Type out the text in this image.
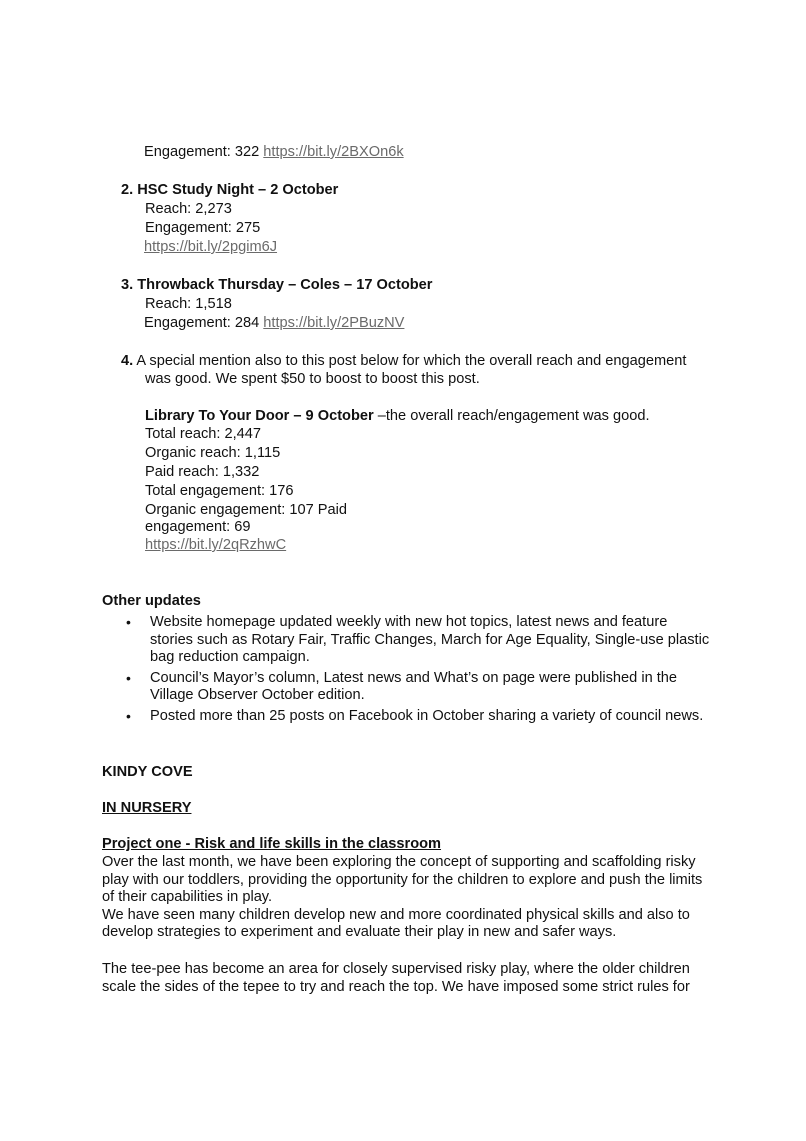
Engagement: 322 https://bit.ly/2BXOn6k
2. HSC Study Night – 2 October
Reach: 2,273
Engagement: 275
https://bit.ly/2pgim6J
3. Throwback Thursday – Coles – 17 October
Reach: 1,518
Engagement: 284 https://bit.ly/2PBuzNV
4. A special mention also to this post below for which the overall reach and engagement
was good. We spent $50 to boost to boost this post.
Library To Your Door – 9 October –the overall reach/engagement was good.
Total reach: 2,447
Organic reach: 1,115
Paid reach: 1,332
Total engagement: 176
Organic engagement: 107 Paid
engagement: 69
https://bit.ly/2qRzhwC
Other updates
• Website homepage updated weekly with new hot topics, latest news and feature
stories such as Rotary Fair, Traffic Changes, March for Age Equality, Single-use plastic
bag reduction campaign.
• Council’s Mayor’s column, Latest news and What’s on page were published in the
Village Observer October edition.
• Posted more than 25 posts on Facebook in October sharing a variety of council news.
KINDY COVE
IN NURSERY
Project one - Risk and life skills in the classroom
Over the last month, we have been exploring the concept of supporting and scaffolding risky
play with our toddlers, providing the opportunity for the children to explore and push the limits
of their capabilities in play.
We have seen many children develop new and more coordinated physical skills and also to
develop strategies to experiment and evaluate their play in new and safer ways.
The tee-pee has become an area for closely supervised risky play, where the older children
scale the sides of the tepee to try and reach the top. We have imposed some strict rules for
